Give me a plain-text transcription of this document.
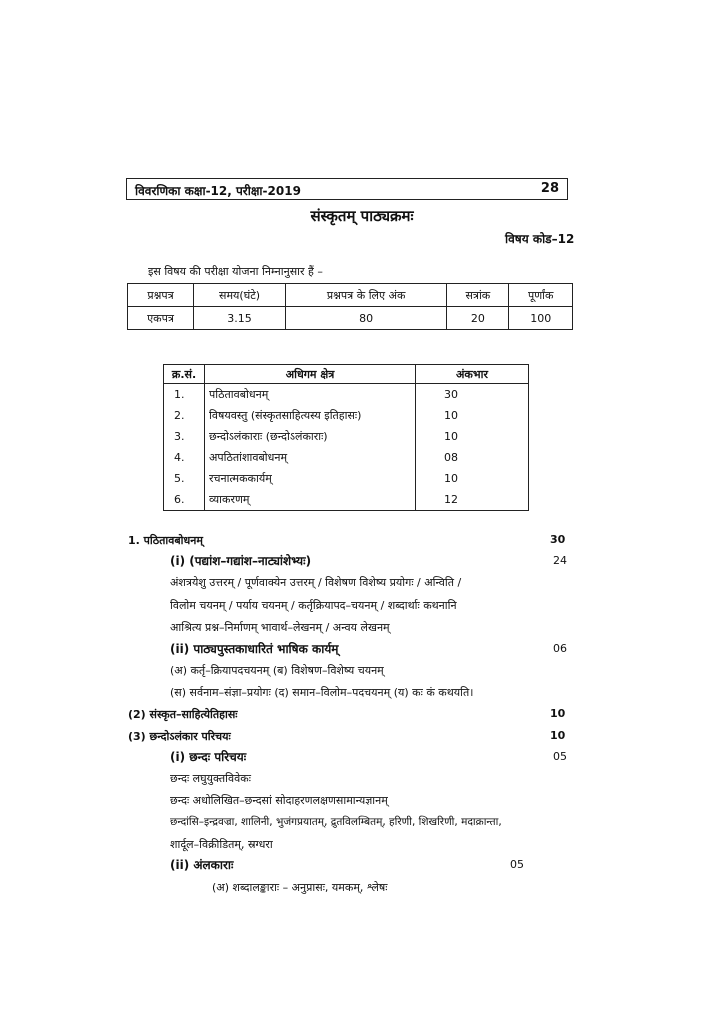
विवरणिका कक्षा-12, परीक्षा-2019	28
संस्कृतम् पाठ्यक्रमः
विषय कोड–12
इस विषय की परीक्षा योजना निम्नानुसार हैं –
प्रश्नपत्र	समय(घंटे)	प्रश्नपत्र के लिए अंक	सत्रांक	पूर्णांक
एकपत्र	3.15	80	20	100
क्र.सं.	अधिगम क्षेत्र	अंकभार
1.	पठितावबोधनम्	30
2.	विषयवस्तु (संस्कृतसाहित्यस्य इतिहासः)	10
3.	छन्दोऽलंकाराः (छन्दोऽलंकाराः)	10
4.	अपठितांशावबोधनम्	08
5.	रचनात्मककार्यम्	10
6.	व्याकरणम्	12
1. पठितावबोधनम्	30
(i) (पद्यांश–गद्यांश–नाट्यांशेभ्यः)	24
अंशत्रयेशु उत्तरम् / पूर्णवाक्येन उत्तरम् / विशेषण विशेष्य प्रयोगः / अन्विति /
विलोम चयनम् / पर्याय चयनम् / कर्तृक्रियापद–चयनम् / शब्दार्थाः कथनानि
आश्रित्य प्रश्न–निर्माणम् भावार्थ–लेखनम् / अन्वय लेखनम्
(ii) पाठ्यपुस्तकाधारितं भाषिक कार्यम्	06
(अ) कर्तृ–क्रियापदचयनम् (ब) विशेषण–विशेष्य चयनम्
(स) सर्वनाम–संज्ञा–प्रयोगः (द) समान–विलोम–पदचयनम् (य) कः कं कथयति।
(2) संस्कृत–साहित्येतिहासः	10
(3) छन्दोऽलंकार परिचयः	10
(i) छन्दः परिचयः	05
छन्दः लघुयुक्तविवेकः
छन्दः अधोलिखित–छन्दसां सोदाहरणलक्षणसामान्यज्ञानम्
छन्दांसि–इन्द्रवज्रा, शालिनी, भुजंगप्रयातम्, द्रुतविलम्बितम्, हरिणी, शिखरिणी, मदाक्रान्ता,
शार्दूल–विक्रीडितम्, स्रग्धरा
(ii) अंलकाराः	05
(अ) शब्दालङ्काराः – अनुप्रासः, यमकम्, श्लेषः
